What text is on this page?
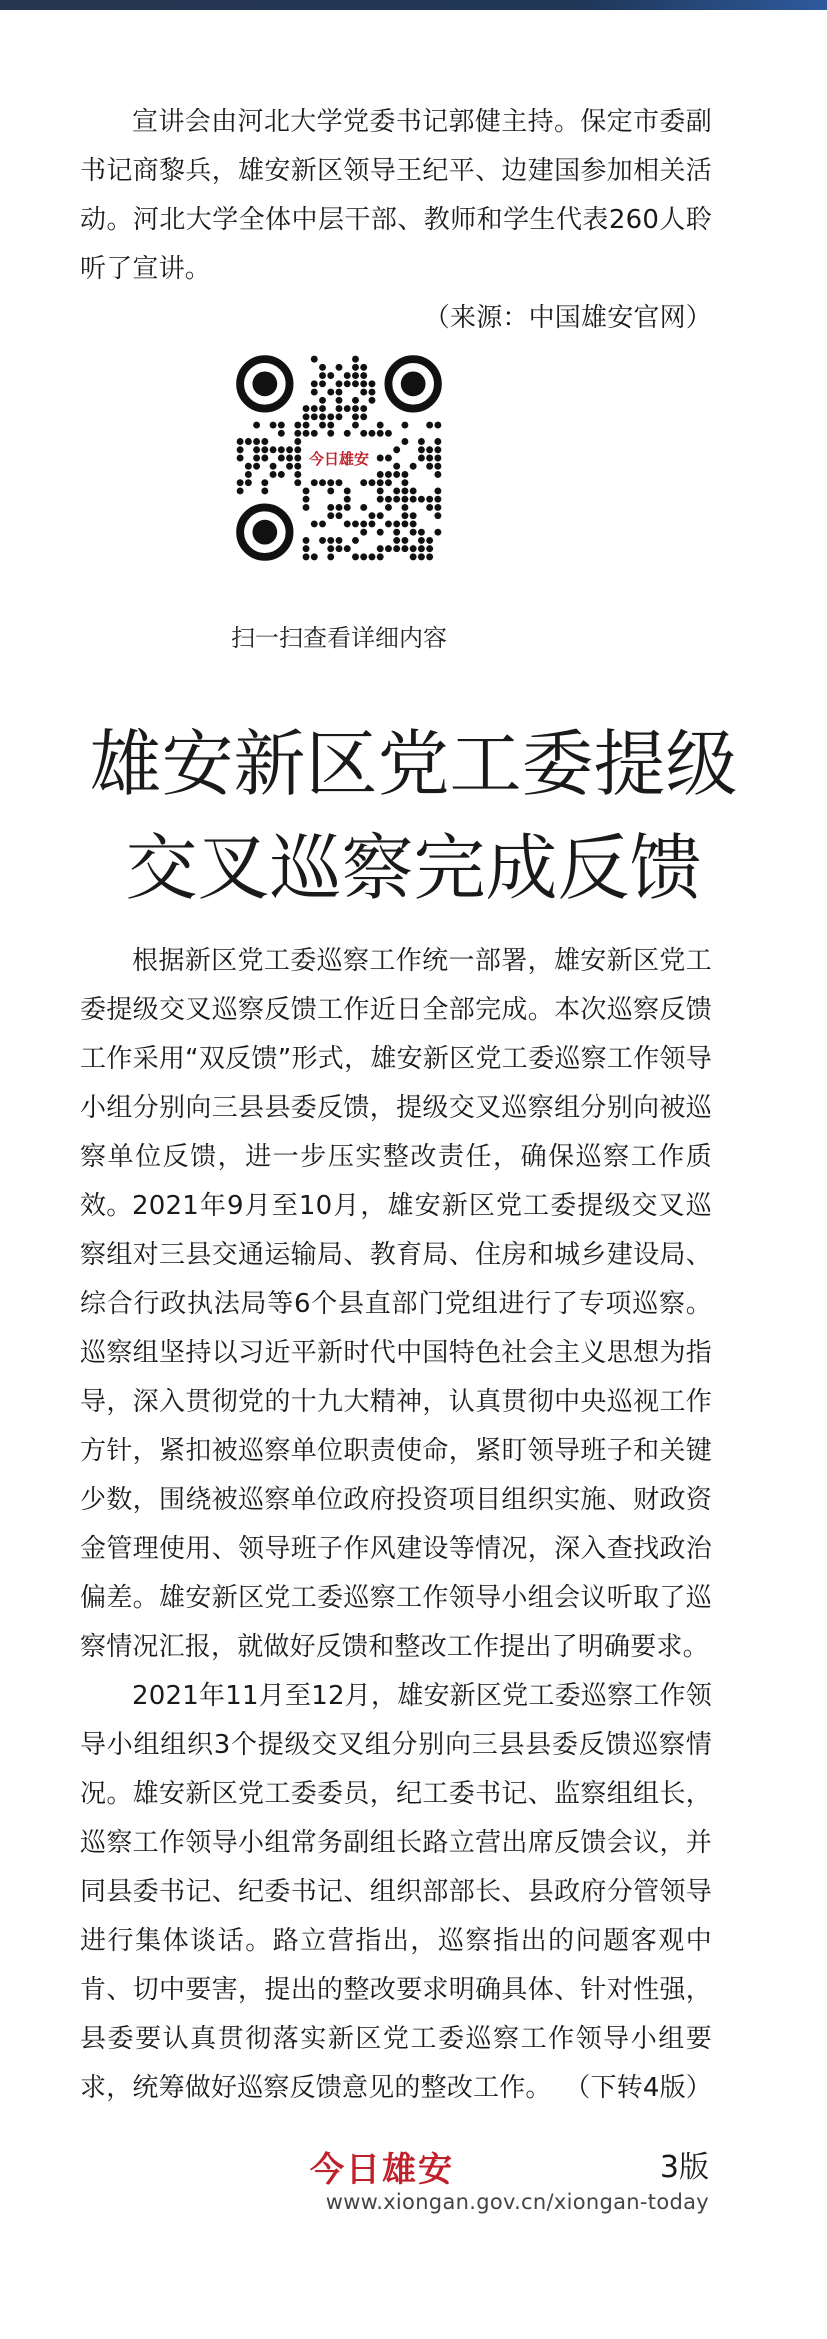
宣讲会由河北大学党委书记郭健主持。保定市委副书记商黎兵，雄安新区领导王纪平、边建国参加相关活动。河北大学全体中层干部、教师和学生代表260人聆听了宣讲。
（来源：中国雄安官网）

今日雄安
扫一扫查看详细内容
雄安新区党工委提级
交叉巡察完成反馈

根据新区党工委巡察工作统一部署，雄安新区党工委提级交叉巡察反馈工作近日全部完成。本次巡察反馈工作采用“双反馈”形式，雄安新区党工委巡察工作领导小组分别向三县县委反馈，提级交叉巡察组分别向被巡察单位反馈，进一步压实整改责任，确保巡察工作质效。 2021年9月至10月，雄安新区党工委提级交叉巡察组对三县交通运输局、教育局、住房和城乡建设局、综合行政执法局等6个县直部门党组进行了专项巡察。巡察组坚持以习近平新时代中国特色社会主义思想为指导，深入贯彻党的十九大精神，认真贯彻中央巡视工作方针，紧扣被巡察单位职责使命，紧盯领导班子和关键少数，围绕被巡察单位政府投资项目组织实施、财政资金管理使用、领导班子作风建设等情况，深入查找政治偏差。雄安新区党工委巡察工作领导小组会议听取了巡察情况汇报，就做好反馈和整改工作提出了明确要求。

2021年11月至12月，雄安新区党工委巡察工作领导小组组织3个提级交叉组分别向三县县委反馈巡察情况。雄安新区党工委委员，纪工委书记、监察组组长，巡察工作领导小组常务副组长路立营出席反馈会议，并同县委书记、纪委书记、组织部部长、县政府分管领导进行集体谈话。路立营指出，巡察指出的问题客观中肯、切中要害，提出的整改要求明确具体、针对性强，县委要认真贯彻落实新区党工委巡察工作领导小组要求，统筹做好巡察反馈意见的整改工作。 （下转4版）

今日雄安	3版
www.xiongan.gov.cn/xiongan-today
